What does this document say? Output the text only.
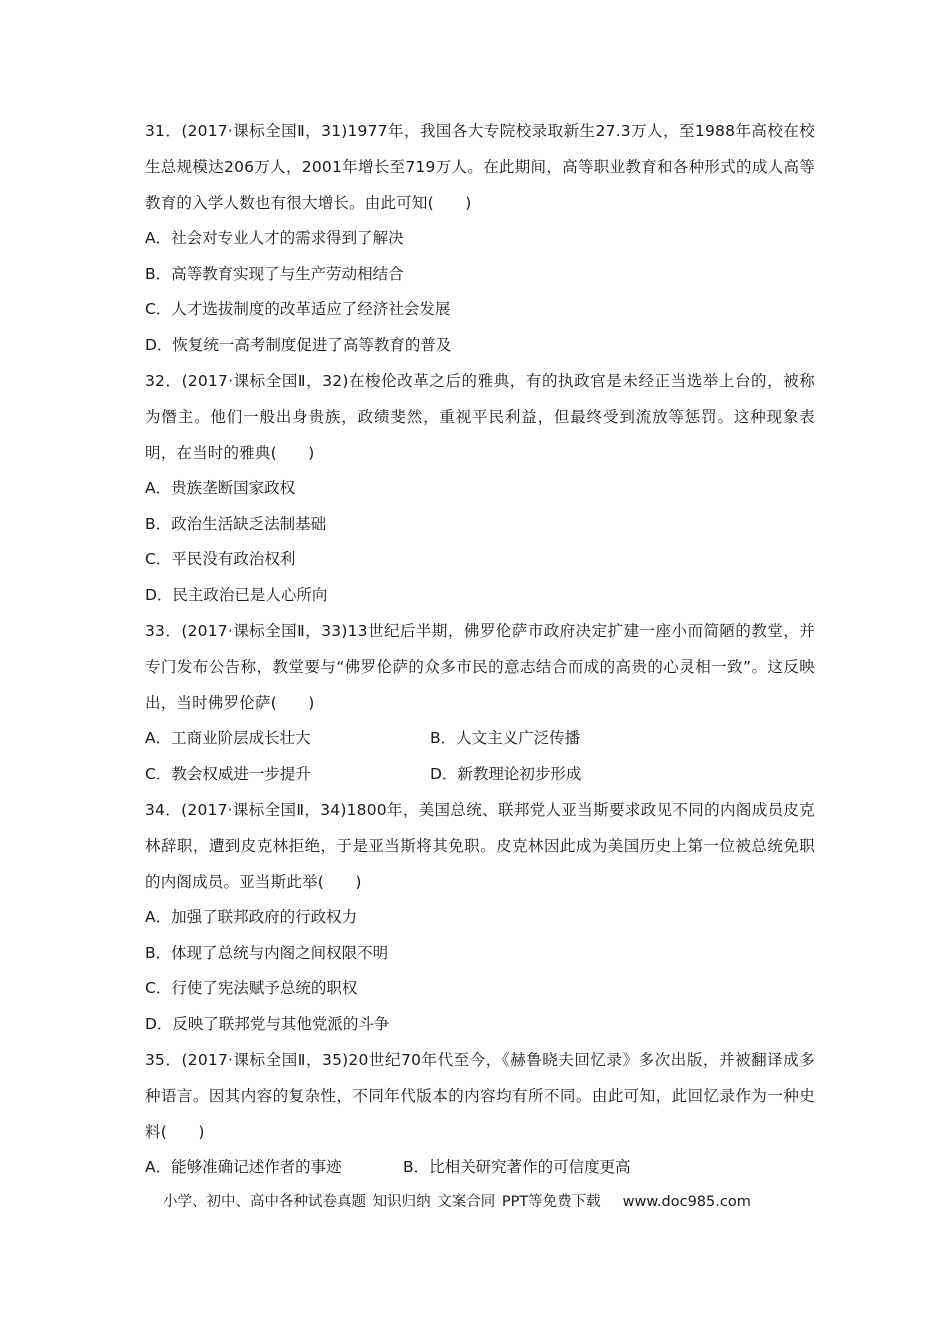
31．(2017·课标全国Ⅱ，31)1977年，我国各大专院校录取新生27.3万人，至1988年高校在校生总规模达206万人，2001年增长至719万人。在此期间，高等职业教育和各种形式的成人高等教育的入学人数也有很大增长。由此可知(　　)

A．社会对专业人才的需求得到了解决

B．高等教育实现了与生产劳动相结合

C．人才选拔制度的改革适应了经济社会发展

D．恢复统一高考制度促进了高等教育的普及

32．(2017·课标全国Ⅱ，32)在梭伦改革之后的雅典，有的执政官是未经正当选举上台的，被称为僭主。他们一般出身贵族，政绩斐然，重视平民利益，但最终受到流放等惩罚。这种现象表明，在当时的雅典(　　)

A．贵族垄断国家政权

B．政治生活缺乏法制基础

C．平民没有政治权利

D．民主政治已是人心所向

33．(2017·课标全国Ⅱ，33)13世纪后半期，佛罗伦萨市政府决定扩建一座小而简陋的教堂，并专门发布公告称，教堂要与“佛罗伦萨的众多市民的意志结合而成的高贵的心灵相一致”。这反映出，当时佛罗伦萨(　　)

A．工商业阶层成长壮大	B．人文主义广泛传播
C．教会权威进一步提升	D．新教理论初步形成

34．(2017·课标全国Ⅱ，34)1800年，美国总统、联邦党人亚当斯要求政见不同的内阁成员皮克林辞职，遭到皮克林拒绝，于是亚当斯将其免职。皮克林因此成为美国历史上第一位被总统免职的内阁成员。亚当斯此举(　　)

A．加强了联邦政府的行政权力

B．体现了总统与内阁之间权限不明

C．行使了宪法赋予总统的职权

D．反映了联邦党与其他党派的斗争

35．(2017·课标全国Ⅱ，35)20世纪70年代至今，《赫鲁晓夫回忆录》多次出版，并被翻译成多种语言。因其内容的复杂性，不同年代版本的内容均有所不同。由此可知，此回忆录作为一种史料(　　)

A．能够准确记述作者的事迹	B．比相关研究著作的可信度更高
小学、初中、高中各种试卷真题 知识归纳 文案合同 PPT等免费下载 www.doc985.com
